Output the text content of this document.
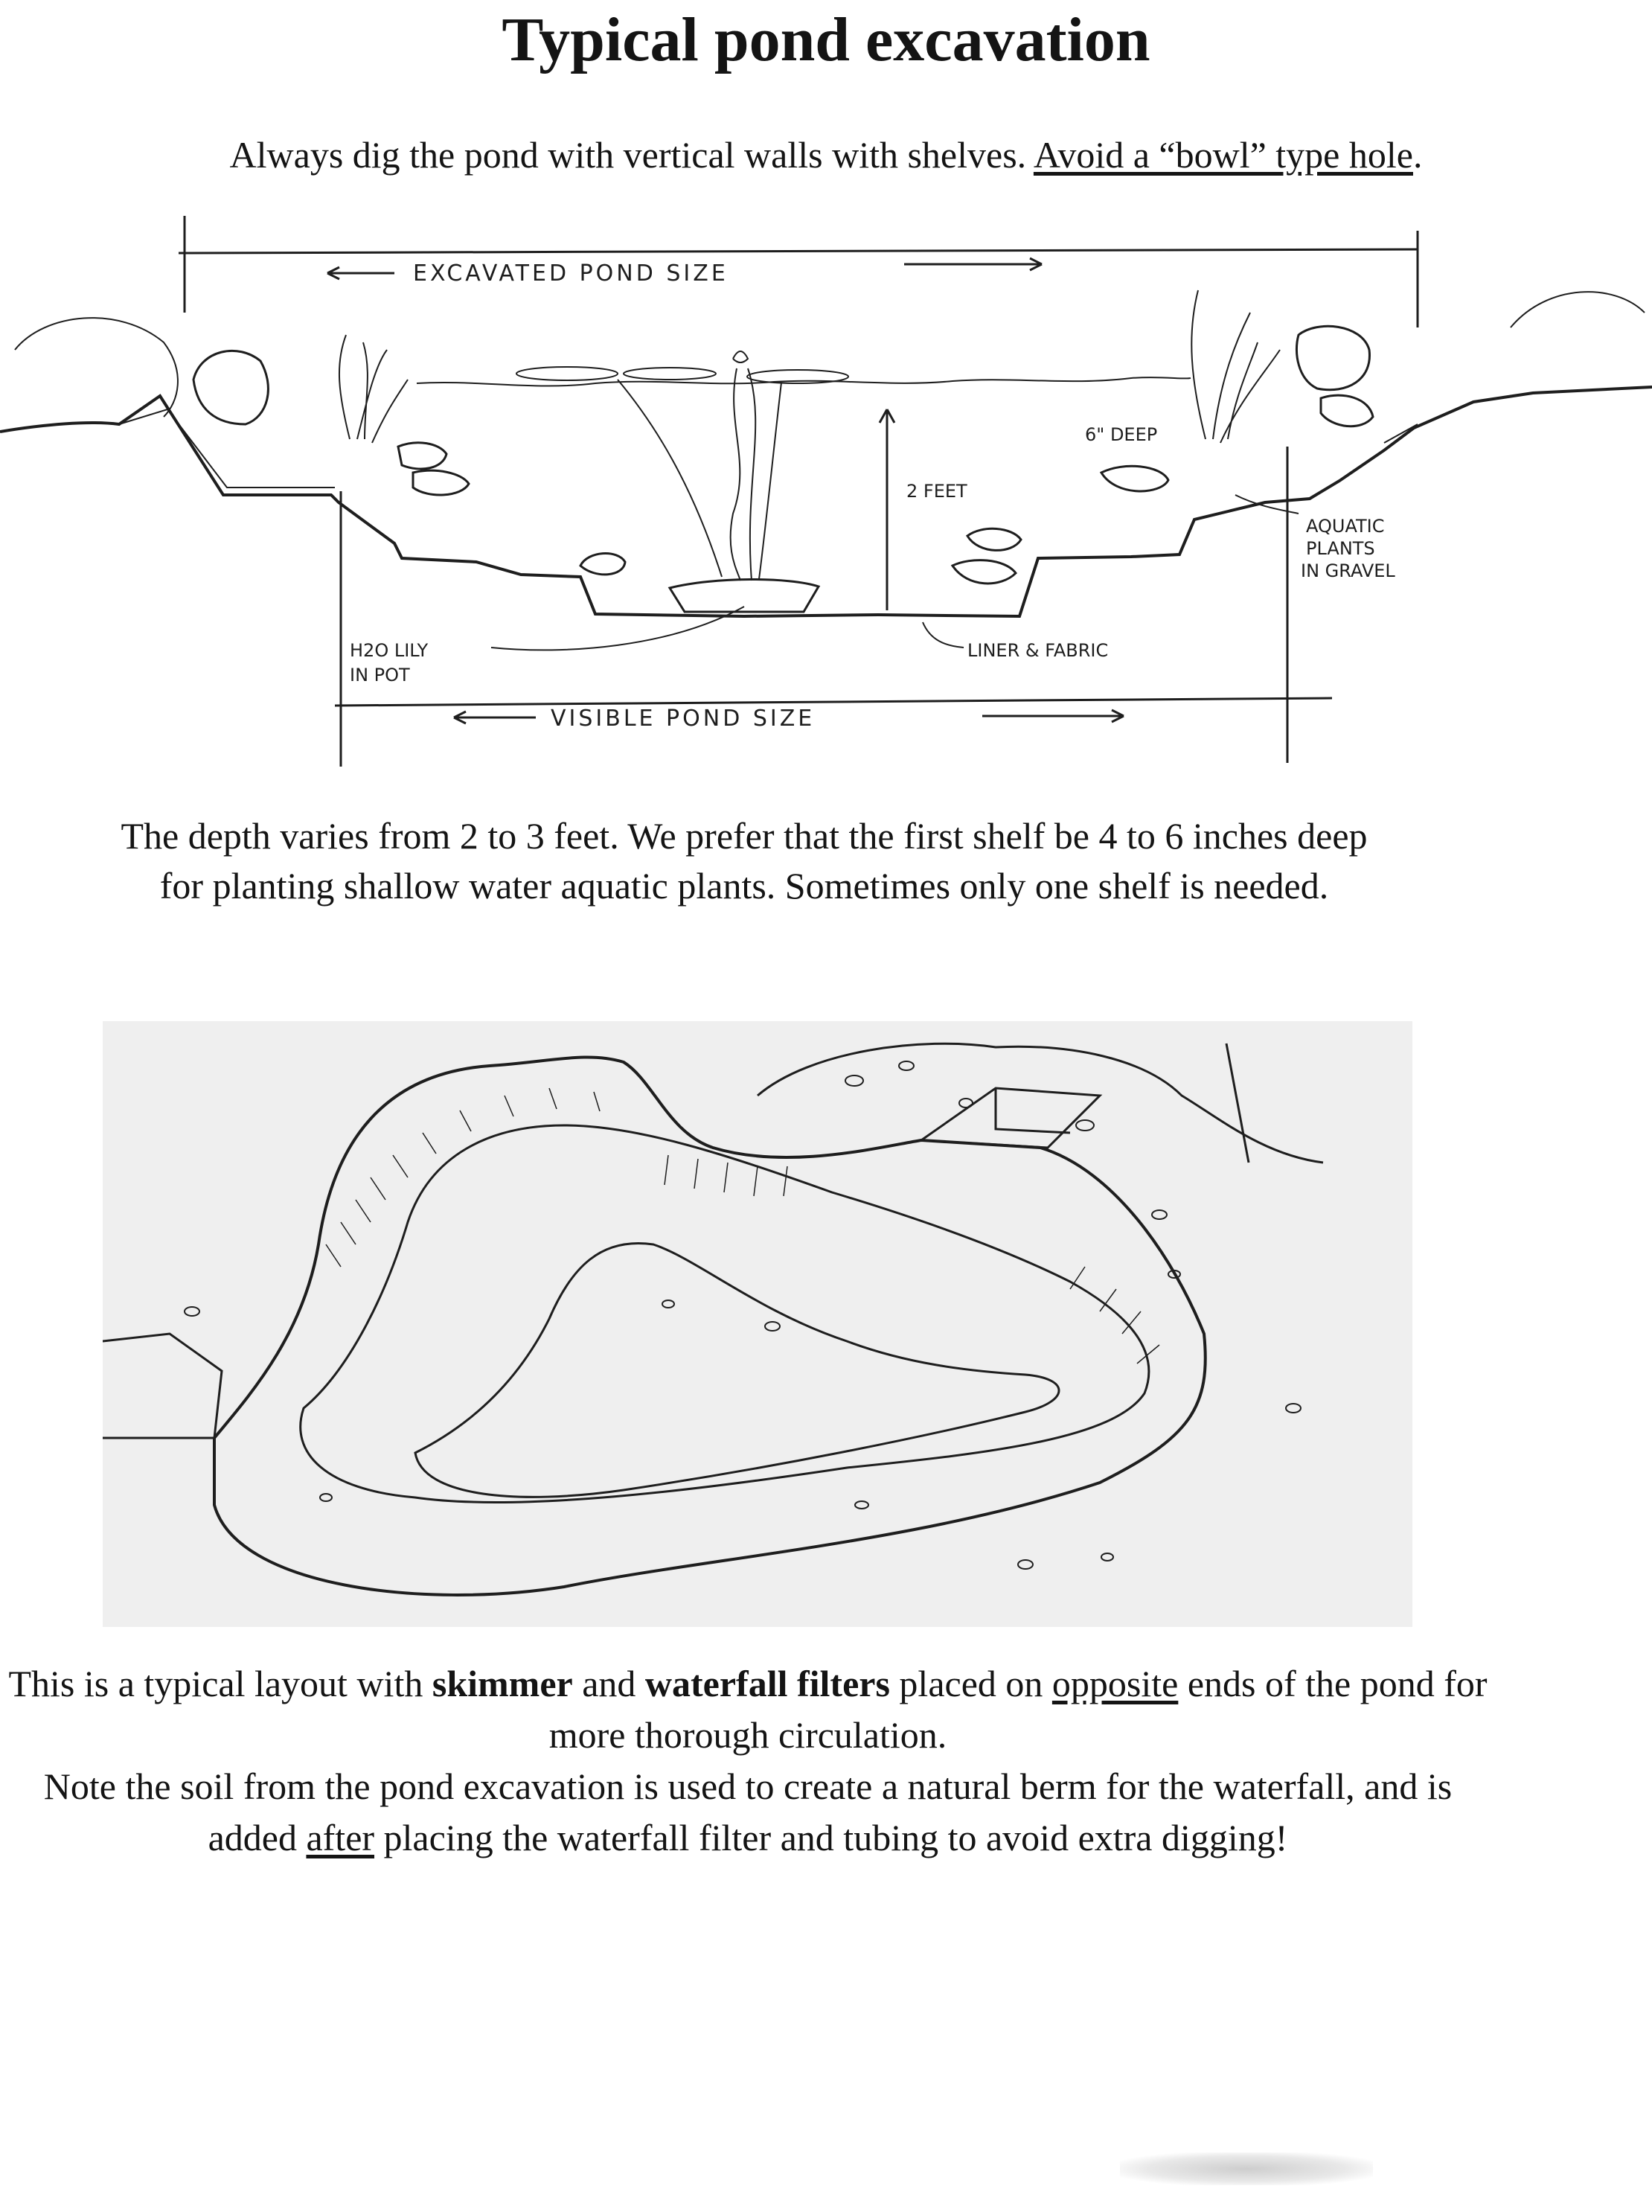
Typical pond excavation
Always dig the pond with vertical walls with shelves. Avoid a “bowl” type hole.
EXCAVATED POND SIZE
2 FEET
6" DEEP
AQUATIC
PLANTS
IN GRAVEL
H2O LILY
IN POT
LINER & FABRIC
VISIBLE POND SIZE
The depth varies from 2 to 3 feet. We prefer that the first shelf be 4 to 6 inches deep
for planting shallow water aquatic plants. Sometimes only one shelf is needed.
This is a typical layout with skimmer and waterfall filters placed on opposite ends of the pond for more thorough circulation.
Note the soil from the pond excavation is used to create a natural berm for the waterfall, and is added after placing the waterfall filter and tubing to avoid extra digging!
